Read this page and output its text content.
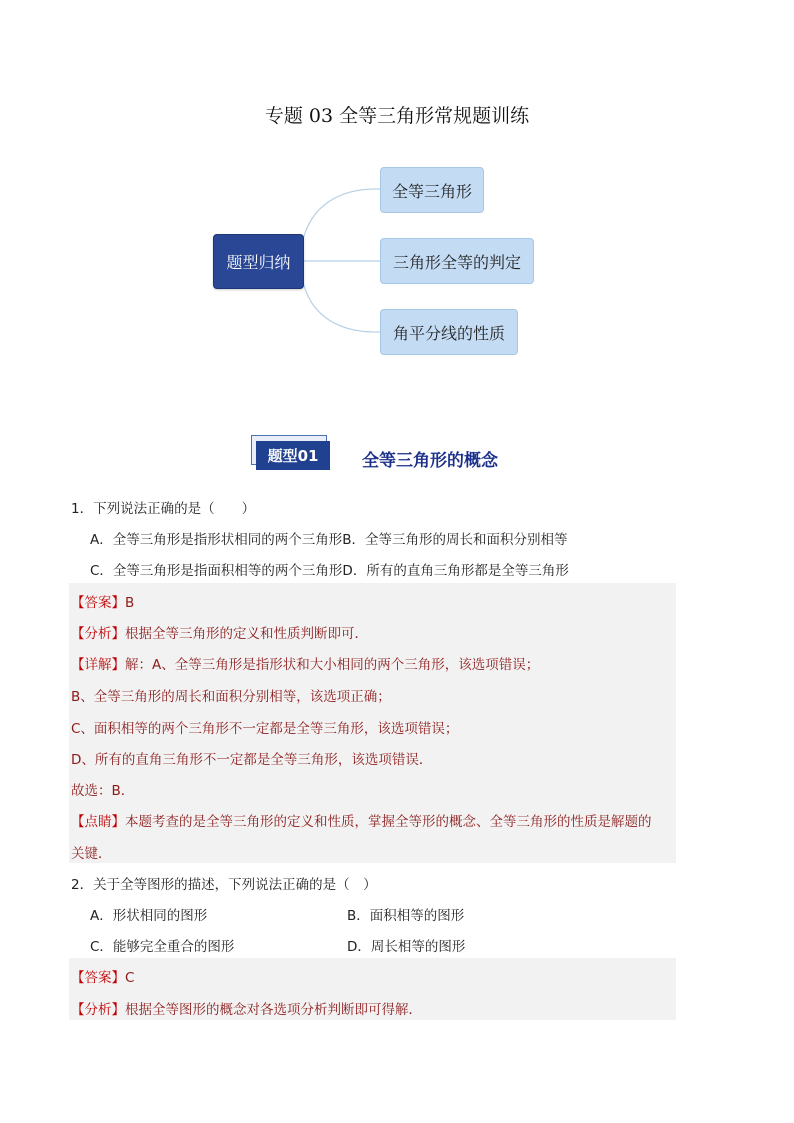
专题 03 全等三角形常规题训练
题型归纳
全等三角形
三角形全等的判定
角平分线的性质
题型01	全等三角形的概念
1．下列说法正确的是（　　）
A．全等三角形是指形状相同的两个三角形B．全等三角形的周长和面积分别相等
C．全等三角形是指面积相等的两个三角形D．所有的直角三角形都是全等三角形
【答案】B
【分析】根据全等三角形的定义和性质判断即可．
【详解】解：A、全等三角形是指形状和大小相同的两个三角形，该选项错误；
B、全等三角形的周长和面积分别相等，该选项正确；
C、面积相等的两个三角形不一定都是全等三角形，该选项错误；
D、所有的直角三角形不一定都是全等三角形，该选项错误．
故选：B．
【点睛】本题考查的是全等三角形的定义和性质，掌握全等形的概念、全等三角形的性质是解题的
关键．
2．关于全等图形的描述，下列说法正确的是（　）
A．形状相同的图形	B．面积相等的图形
C．能够完全重合的图形	D．周长相等的图形
【答案】C
【分析】根据全等图形的概念对各选项分析判断即可得解．
